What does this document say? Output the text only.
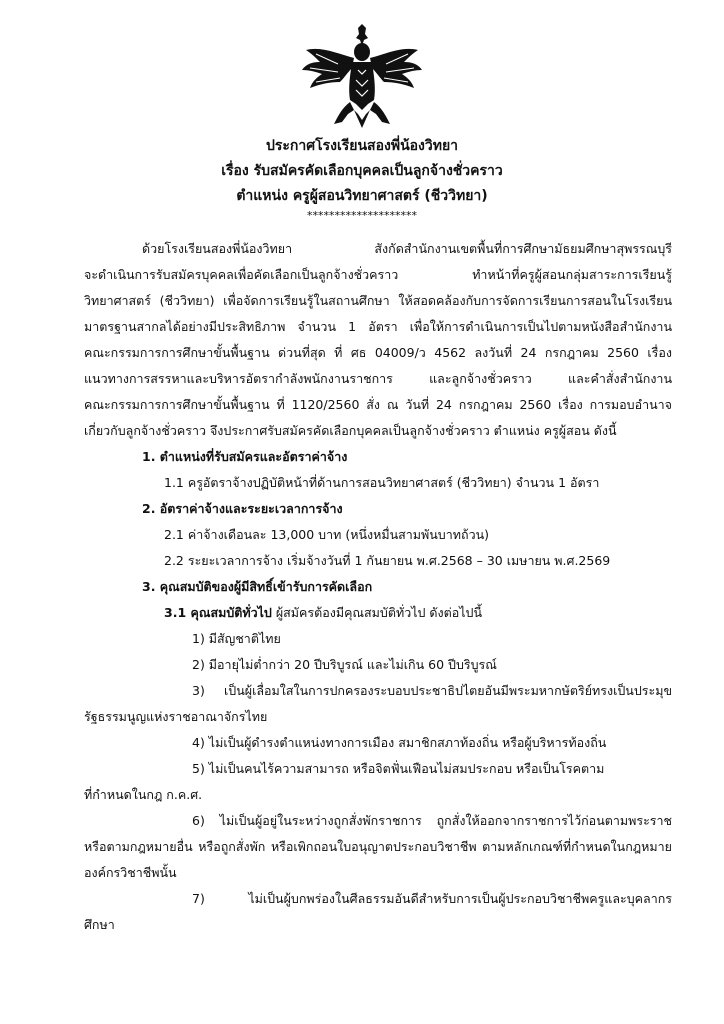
ประกาศโรงเรียนสองพี่น้องวิทยา
เรื่อง รับสมัครคัดเลือกบุคคลเป็นลูกจ้างชั่วคราว
ตำแหน่ง ครูผู้สอนวิทยาศาสตร์ (ชีววิทยา)
********************
ด้วยโรงเรียนสองพี่น้องวิทยา สังกัดสำนักงานเขตพื้นที่การศึกษามัธยมศึกษาสุพรรณบุรี
จะดำเนินการรับสมัครบุคคลเพื่อคัดเลือกเป็นลูกจ้างชั่วคราว ทำหน้าที่ครูผู้สอนกลุ่มสาระการเรียนรู้
วิทยาศาสตร์ (ชีววิทยา) เพื่อจัดการเรียนรู้ในสถานศึกษา ให้สอดคล้องกับการจัดการเรียนการสอนในโรงเรียน
มาตรฐานสากลได้อย่างมีประสิทธิภาพ จำนวน 1 อัตรา เพื่อให้การดำเนินการเป็นไปตามหนังสือสำนักงาน
คณะกรรมการการศึกษาขั้นพื้นฐาน ด่วนที่สุด ที่ ศธ 04009/ว 4562 ลงวันที่ 24 กรกฎาคม 2560 เรื่อง
แนวทางการสรรหาและบริหารอัตรากำลังพนักงานราชการ และลูกจ้างชั่วคราว และคำสั่งสำนักงาน
คณะกรรมการการศึกษาขั้นพื้นฐาน ที่ 1120/2560 สั่ง ณ วันที่ 24 กรกฎาคม 2560 เรื่อง การมอบอำนาจ
เกี่ยวกับลูกจ้างชั่วคราว จึงประกาศรับสมัครคัดเลือกบุคคลเป็นลูกจ้างชั่วคราว ตำแหน่ง ครูผู้สอน ดังนี้
1. ตำแหน่งที่รับสมัครและอัตราค่าจ้าง
1.1 ครูอัตราจ้างปฏิบัติหน้าที่ด้านการสอนวิทยาศาสตร์ (ชีววิทยา) จำนวน 1 อัตรา
2. อัตราค่าจ้างและระยะเวลาการจ้าง
2.1 ค่าจ้างเดือนละ 13,000 บาท (หนึ่งหมื่นสามพันบาทถ้วน)
2.2 ระยะเวลาการจ้าง เริ่มจ้างวันที่ 1 กันยายน พ.ศ.2568 – 30 เมษายน พ.ศ.2569
3. คุณสมบัติของผู้มีสิทธิ์เข้ารับการคัดเลือก
3.1 คุณสมบัติทั่วไป ผู้สมัครต้องมีคุณสมบัติทั่วไป ดังต่อไปนี้
1) มีสัญชาติไทย
2) มีอายุไม่ต่ำกว่า 20 ปีบริบูรณ์ และไม่เกิน 60 ปีบริบูรณ์
3) เป็นผู้เลื่อมใสในการปกครองระบอบประชาธิปไตยอันมีพระมหากษัตริย์ทรงเป็นประมุข
รัฐธรรมนูญแห่งราชอาณาจักรไทย
4) ไม่เป็นผู้ดำรงตำแหน่งทางการเมือง สมาชิกสภาท้องถิ่น หรือผู้บริหารท้องถิ่น
5) ไม่เป็นคนไร้ความสามารถ หรือจิตฟั่นเฟือนไม่สมประกอบ หรือเป็นโรคตาม
ที่กำหนดในกฎ ก.ค.ศ.
6) ไม่เป็นผู้อยู่ในระหว่างถูกสั่งพักราชการ ถูกสั่งให้ออกจากราชการไว้ก่อนตามพระราช
หรือตามกฎหมายอื่น หรือถูกสั่งพัก หรือเพิกถอนใบอนุญาตประกอบวิชาชีพ ตามหลักเกณฑ์ที่กำหนดในกฎหมาย
องค์กรวิชาชีพนั้น
7) ไม่เป็นผู้บกพร่องในศีลธรรมอันดีสำหรับการเป็นผู้ประกอบวิชาชีพครูและบุคลากร
ศึกษา
